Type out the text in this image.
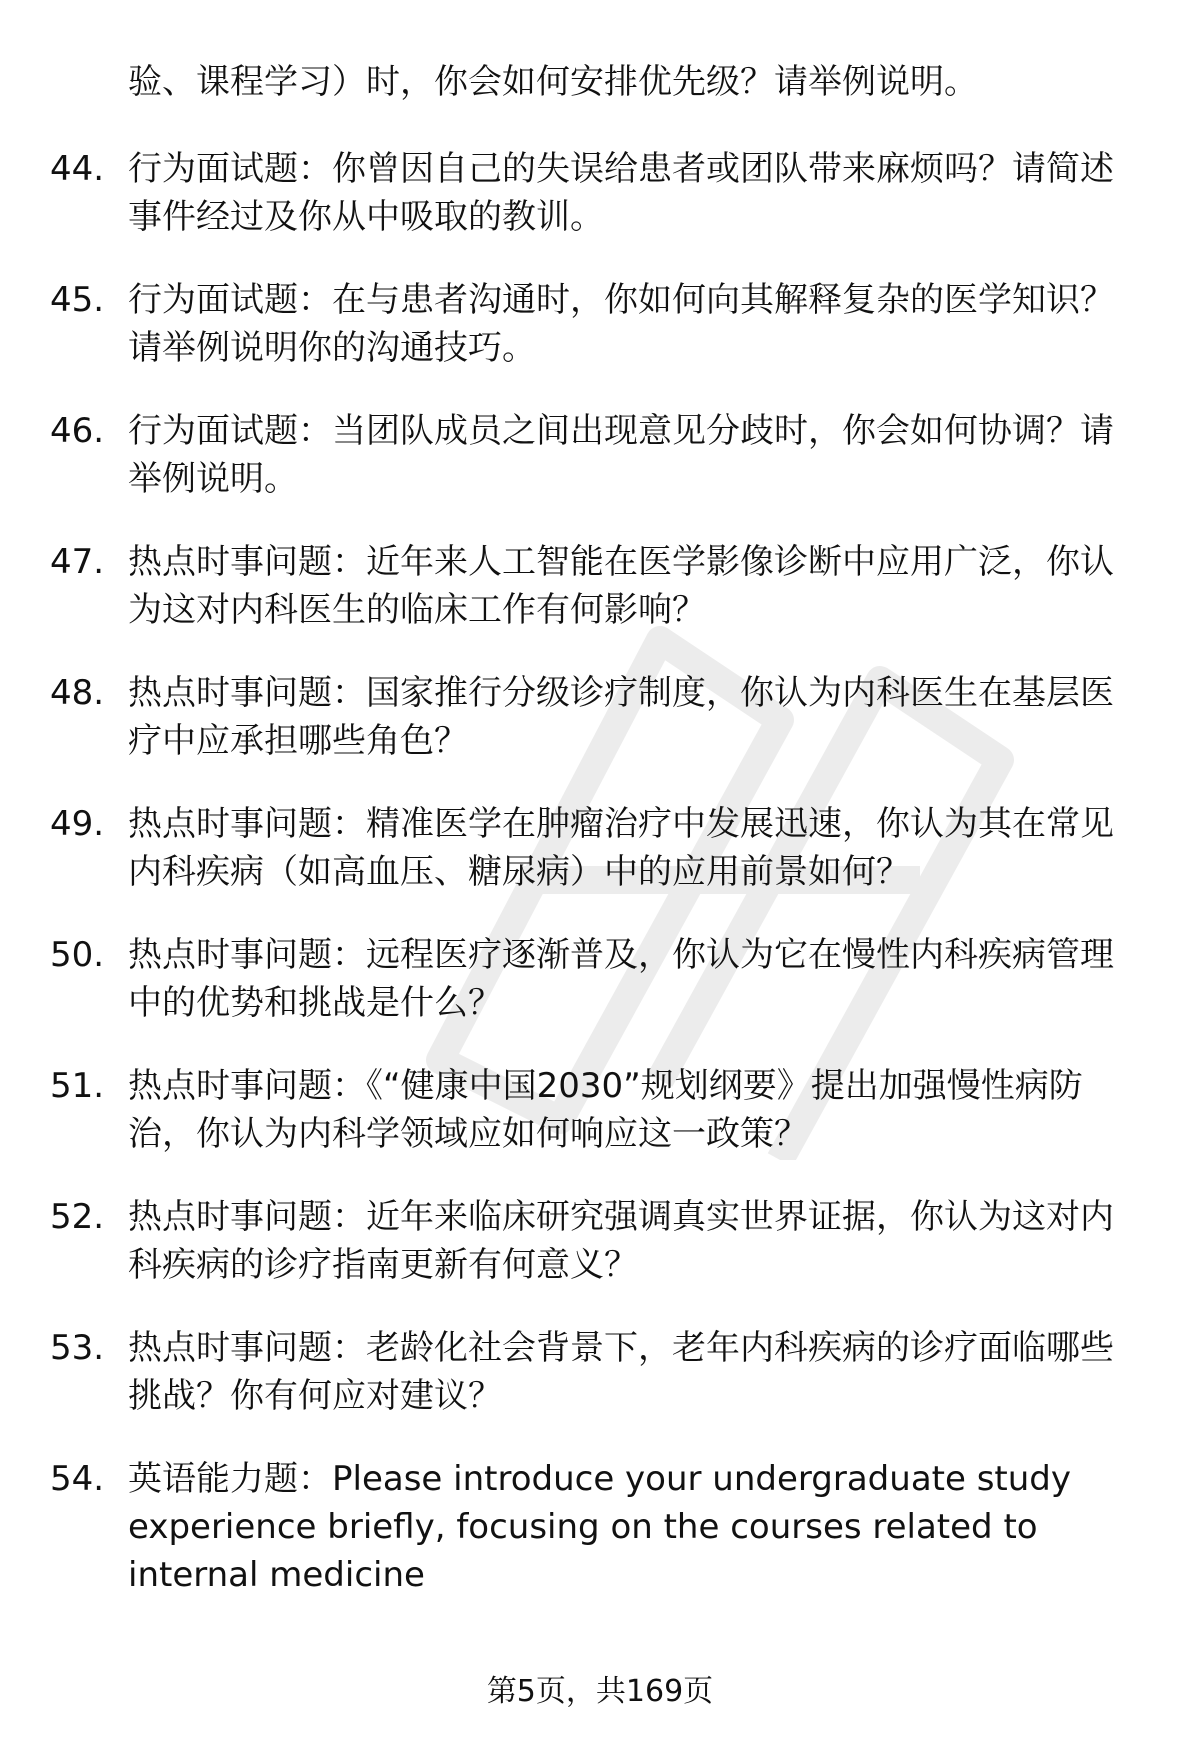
验、课程学习）时，你会如何安排优先级？请举例说明。
44. 行为面试题：你曾因自己的失误给患者或团队带来麻烦吗？请简述事件经过及你从中吸取的教训。
45. 行为面试题：在与患者沟通时，你如何向其解释复杂的医学知识？请举例说明你的沟通技巧。
46. 行为面试题：当团队成员之间出现意见分歧时，你会如何协调？请举例说明。
47. 热点时事问题：近年来人工智能在医学影像诊断中应用广泛，你认为这对内科医生的临床工作有何影响？
48. 热点时事问题：国家推行分级诊疗制度，你认为内科医生在基层医疗中应承担哪些角色？
49. 热点时事问题：精准医学在肿瘤治疗中发展迅速，你认为其在常见内科疾病（如高血压、糖尿病）中的应用前景如何？
50. 热点时事问题：远程医疗逐渐普及，你认为它在慢性内科疾病管理中的优势和挑战是什么？
51. 热点时事问题：《“健康中国2030”规划纲要》提出加强慢性病防治，你认为内科学领域应如何响应这一政策？
52. 热点时事问题：近年来临床研究强调真实世界证据，你认为这对内科疾病的诊疗指南更新有何意义？
53. 热点时事问题：老龄化社会背景下，老年内科疾病的诊疗面临哪些挑战？你有何应对建议？
54. 英语能力题：Please introduce your undergraduate study experience briefly, focusing on the courses related to internal medicine
第5页，共169页
